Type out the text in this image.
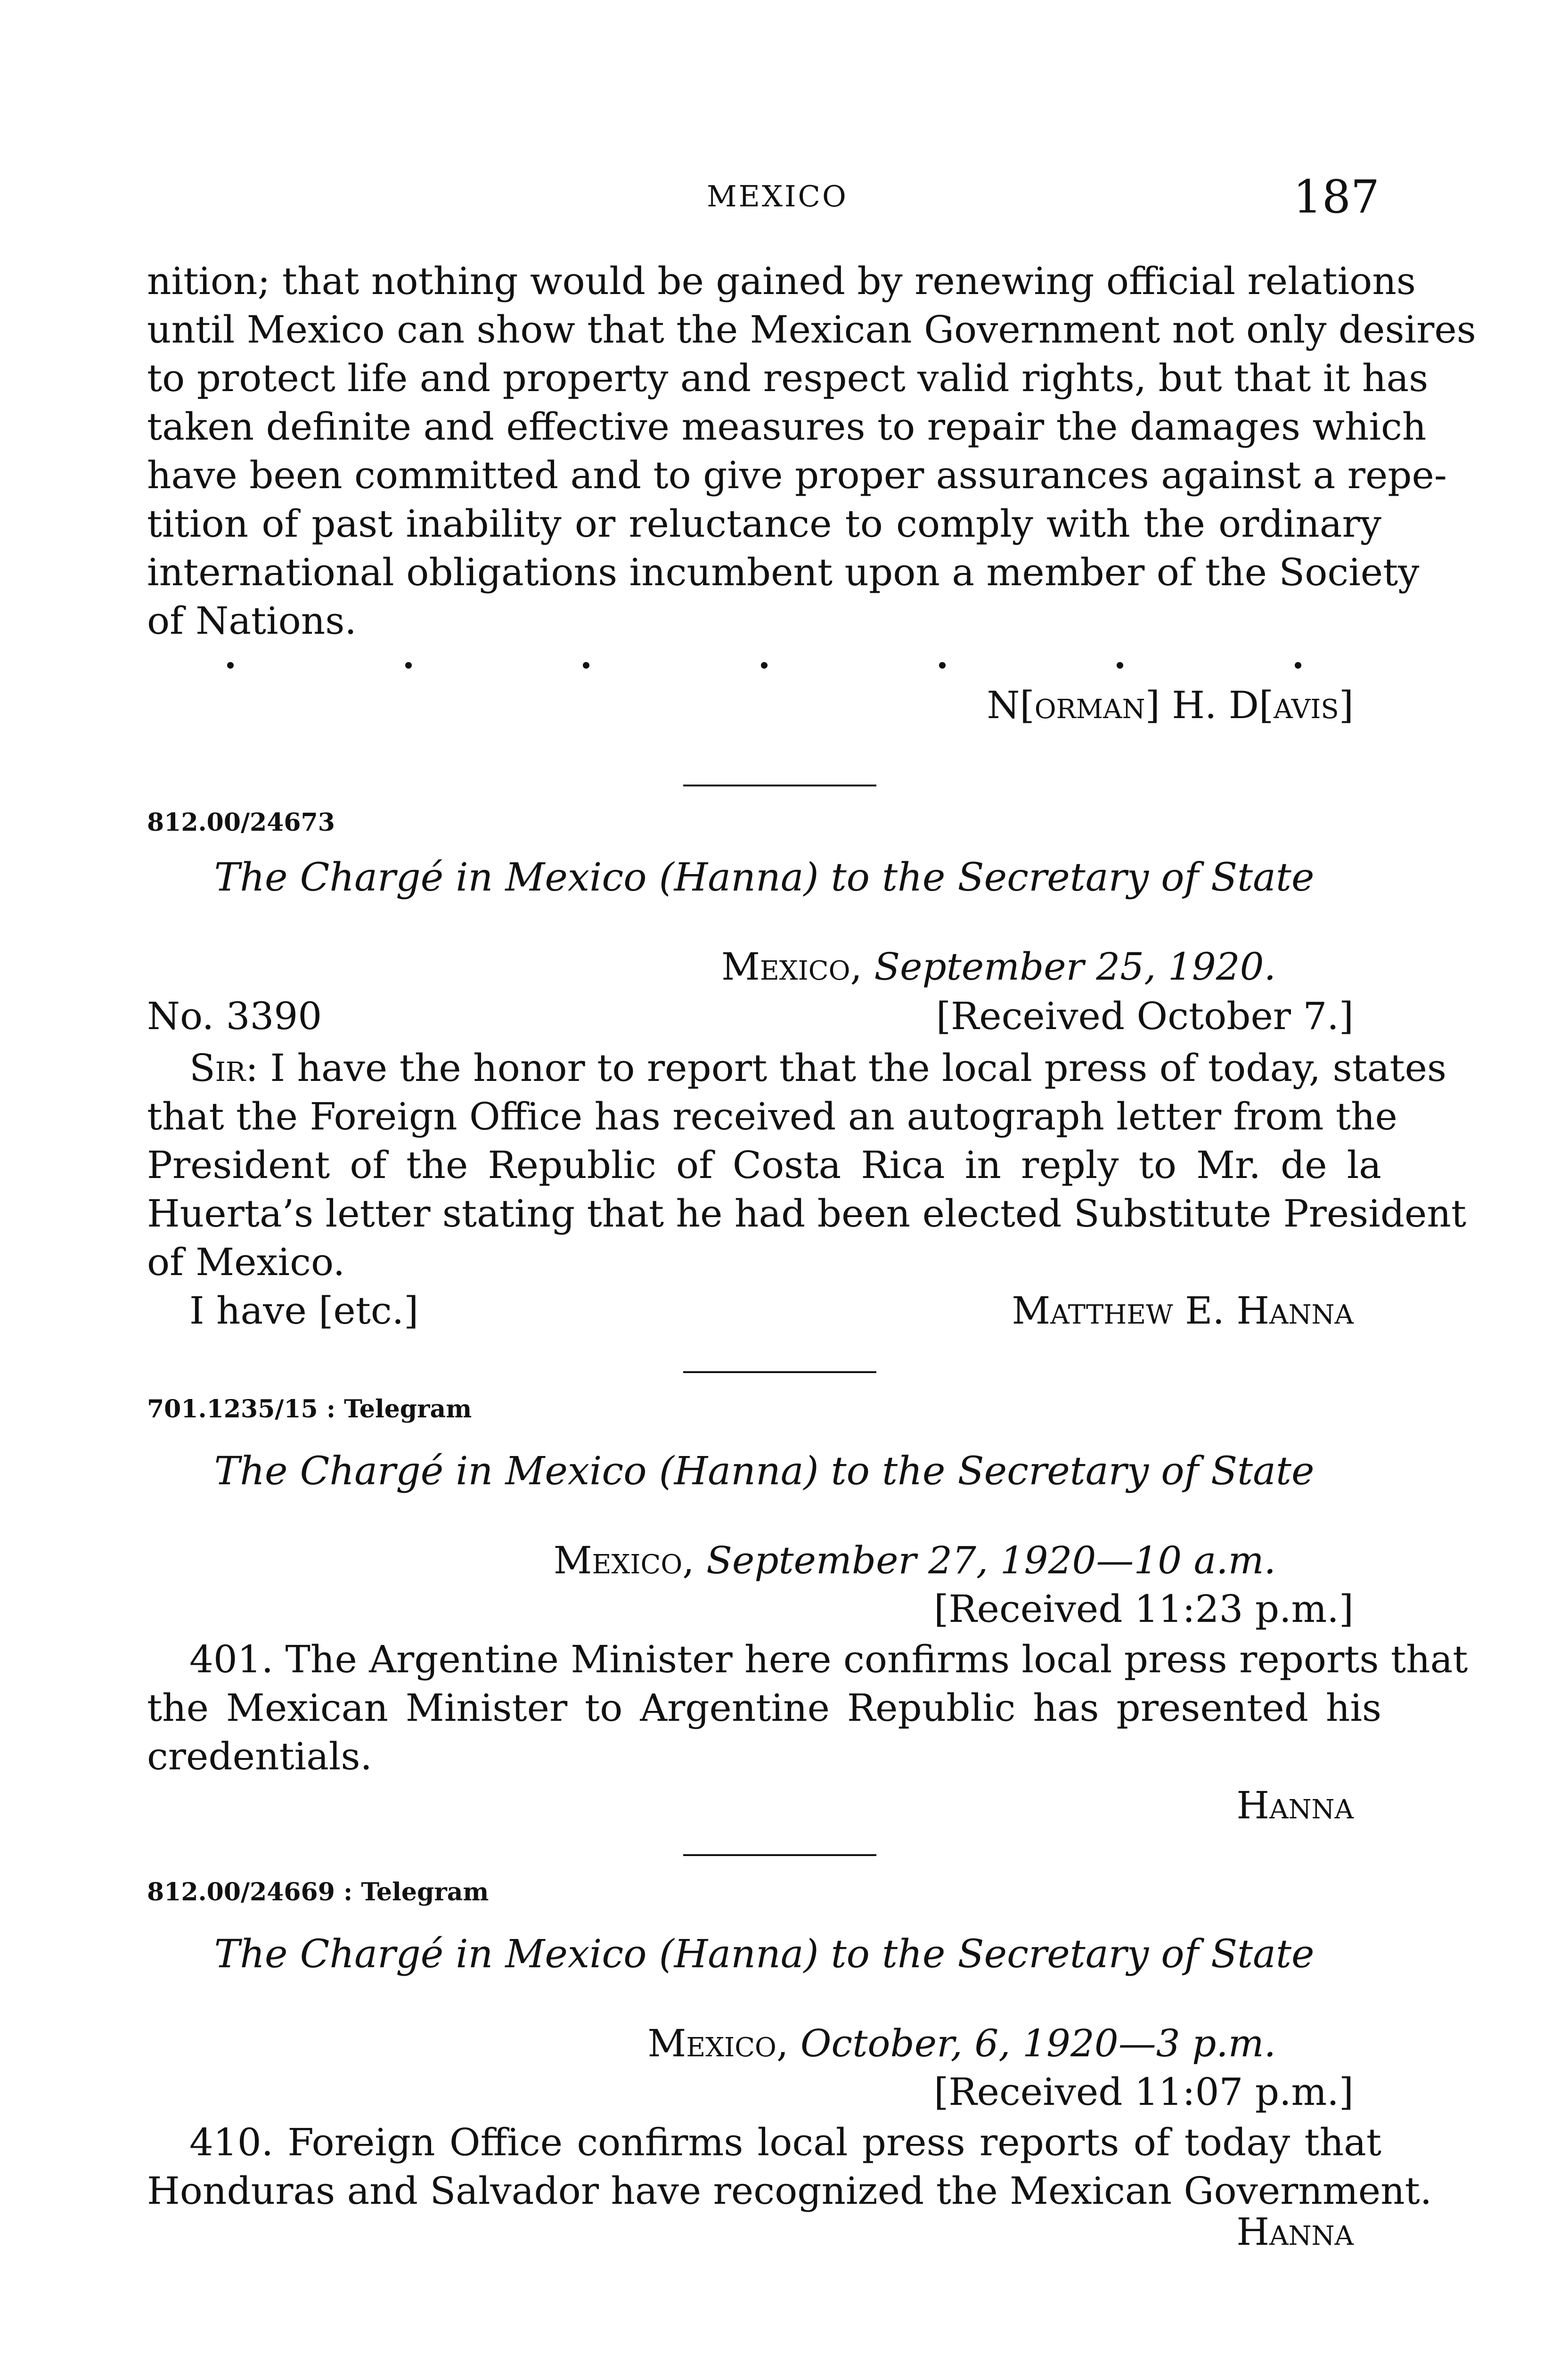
MEXICO	187
nition; that nothing would be gained by renewing official relations
until Mexico can show that the Mexican Government not only desires
to protect life and property and respect valid rights, but that it has
taken definite and effective measures to repair the damages which
have been committed and to give proper assurances against a repe-
tition of past inability or reluctance to comply with the ordinary
international obligations incumbent upon a member of the Society
of Nations.
N[orman] H. D[avis]
812.00/24673
The Chargé in Mexico (Hanna) to the Secretary of State
Mexico, September 25, 1920.
No. 3390	[Received October 7.]
Sir: I have the honor to report that the local press of today, states
that the Foreign Office has received an autograph letter from the
President of the Republic of Costa Rica in reply to Mr. de la
Huerta’s letter stating that he had been elected Substitute President
of Mexico.
I have [etc.]	Matthew E. Hanna
701.1235/15 : Telegram
The Chargé in Mexico (Hanna) to the Secretary of State
Mexico, September 27, 1920—10 a.m.
[Received 11:23 p.m.]
401. The Argentine Minister here confirms local press reports that
the Mexican Minister to Argentine Republic has presented his
credentials.
Hanna
812.00/24669 : Telegram
The Chargé in Mexico (Hanna) to the Secretary of State
Mexico, October, 6, 1920—3 p.m.
[Received 11:07 p.m.]
410. Foreign Office confirms local press reports of today that
Honduras and Salvador have recognized the Mexican Government.
Hanna
